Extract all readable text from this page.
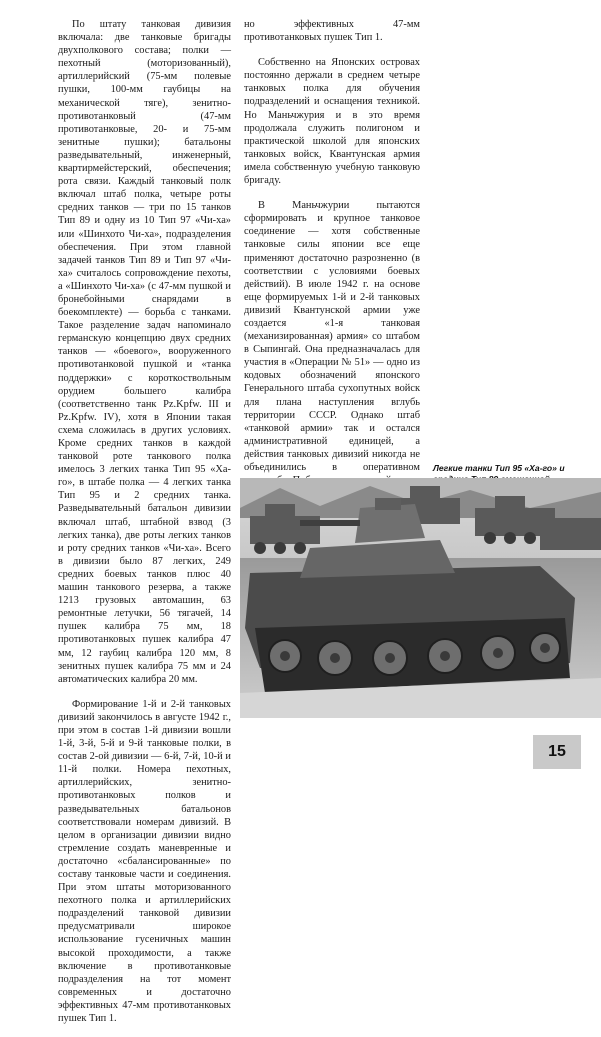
По штату танковая дивизия включала: две танковые бригады двухполкового состава; полки — пехотный (моторизованный), артиллерийский (75-мм полевые пушки, 100-мм гаубицы на механической тяге), зенитно-противотанковый (47-мм противотанковые, 20- и 75-мм зенитные пушки); батальоны разведывательный, инженерный, квартирмейстерский, обеспечения; рота связи. Каждый танковый полк включал штаб полка, четыре роты средних танков — три по 15 танков Тип 89 и одну из 10 Тип 97 «Чи-ха» или «Шинхото Чи-ха», подразделения обеспечения. При этом главной задачей танков Тип 89 и Тип 97 «Чи-ха» считалось сопровождение пехоты, а «Шинхото Чи-ха» (с 47-мм пушкой и бронебойными снарядами в боекомплекте) — борьба с танками. Такое разделение задач напоминало германскую концепцию двух средних танков — «боевого», вооруженного противотанковой пушкой и «танка поддержки» с короткоствольным орудием большего калибра (соответственно танк Pz.Kpfw. III и Pz.Kpfw. IV), хотя в Японии такая схема сложилась в других условиях. Кроме средних танков в каждой танковой роте танкового полка имелось 3 легких танка Тип 95 «Ха-го», в штабе полка — 4 легких танка Тип 95 и 2 средних танка. Разведывательный батальон дивизии включал штаб, штабной взвод (3 легких танка), две роты легких танков и роту средних танков «Чи-ха». Всего в дивизии было 87 легких, 249 средних боевых танков плюс 40 машин танкового резерва, а также 1213 грузовых автомашин, 63 ремонтные летучки, 56 тягачей, 14 пушек калибра 75 мм, 18 противотанковых пушек калибра 47 мм, 12 гаубиц калибра 120 мм, 8 зенитных пушек калибра 75 мм и 24 автоматических калибра 20 мм.

Формирование 1-й и 2-й танковых дивизий закончилось в августе 1942 г., при этом в состав 1-й дивизии вошли 1-й, 3-й, 5-й и 9-й танковые полки, в состав 2-ой дивизии — 6-й, 7-й, 10-й и 11-й полки. Номера пехотных, артиллерийских, зенитно-противотанковых полков и разведывательных батальонов соответствовали номерам дивизий. В целом в организации дивизии видно стремление создать маневренные и достаточно «сбалансированные» по составу танковые части и соединения. При этом штаты моторизованного пехотного полка и артиллерийских подразделений танковой дивизии предусматривали широкое использование гусеничных машин высокой проходимости, а также включение в противотанковые подразделения на тот момент современных и достаточно эффективных 47-мм противотанковых пушек Тип 1.

но эффективных 47-мм противотанковых пушек Тип 1.

Собственно на Японских островах постоянно держали в среднем четыре танковых полка для обучения подразделений и оснащения техникой. Но Маньчжурия и в это время продолжала служить полигоном и практической школой для японских танковых войск, Квантунская армия имела собственную учебную танковую бригаду.

В Маньчжурии пытаются сформировать и крупное танковое соединение — хотя собственные танковые силы японии все еще применяют достаточно разрозненно (в соответствии с условиями боевых действий). В июле 1942 г. на основе еще формируемых 1-й и 2-й танковых дивизий Квантунской армии уже создается «1-я танковая (механизированная) армия» со штабом в Сыпингай. Она предназначалась для участия в «Операции № 51» — одно из кодовых обозначений японского Генерального штаба сухопутных войск для плана наступления вглубь территории СССР. Однако штаб «танковой армии» так и остался административной единицей, а действия танковых дивизий никогда не объединились в оперативном Легкие танки Тип 95 «Ха-го» и
15
